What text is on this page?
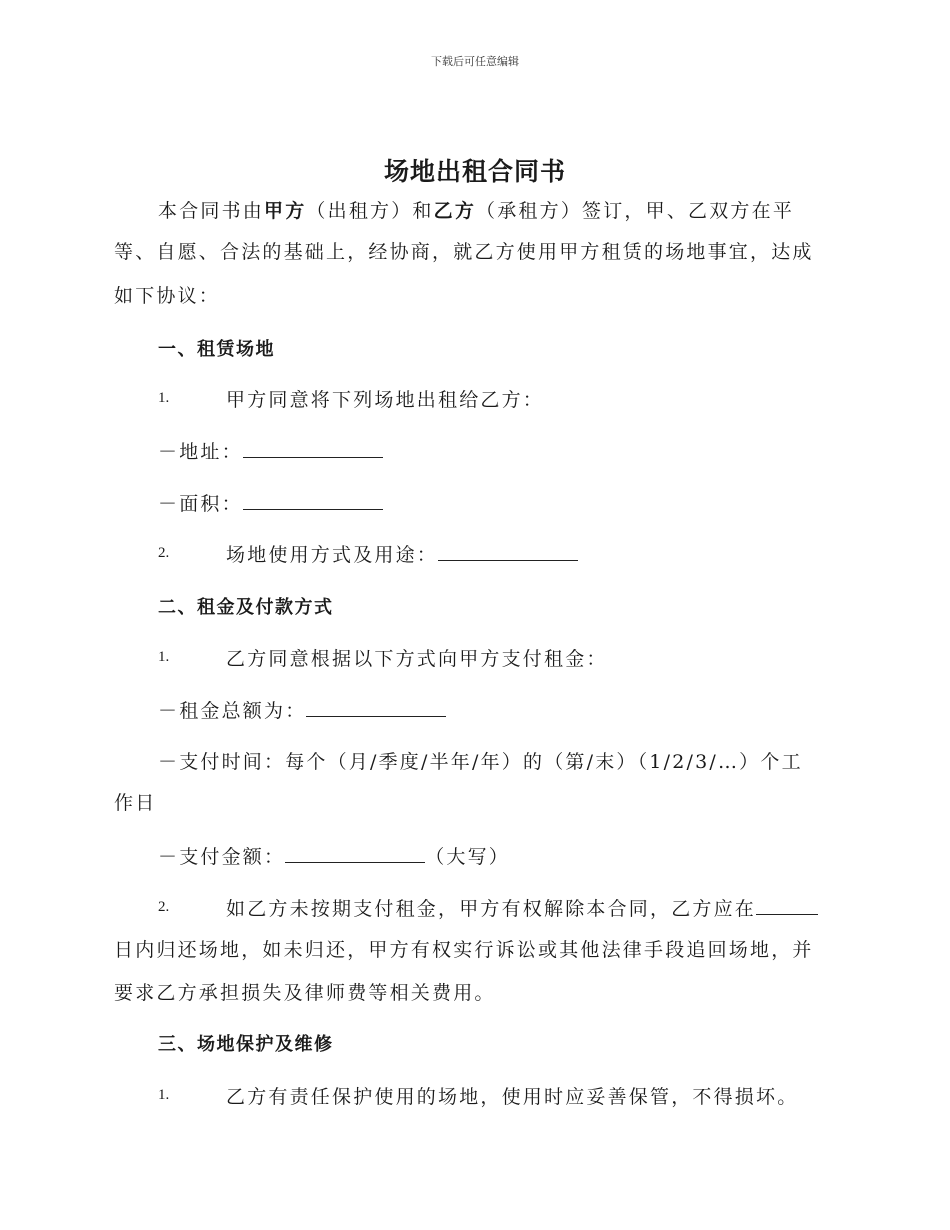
下载后可任意编辑
场地出租合同书
本合同书由甲方（出租方）和乙方（承租方）签订，甲、乙双方在平
等、自愿、合法的基础上，经协商，就乙方使用甲方租赁的场地事宜，达成
如下协议：
一、租赁场地
1.	甲方同意将下列场地出租给乙方：
－地址：
－面积：
2.	场地使用方式及用途：
二、租金及付款方式
1.	乙方同意根据以下方式向甲方支付租金：
－租金总额为：
－支付时间：每个（月/季度/半年/年）的（第/末）（1/2/3/…）个工
作日
－支付金额：	（大写）
2.	如乙方未按期支付租金，甲方有权解除本合同，乙方应在
日内归还场地，如未归还，甲方有权实行诉讼或其他法律手段追回场地，并
要求乙方承担损失及律师费等相关费用。
三、场地保护及维修
1.	乙方有责任保护使用的场地，使用时应妥善保管，不得损坏。
